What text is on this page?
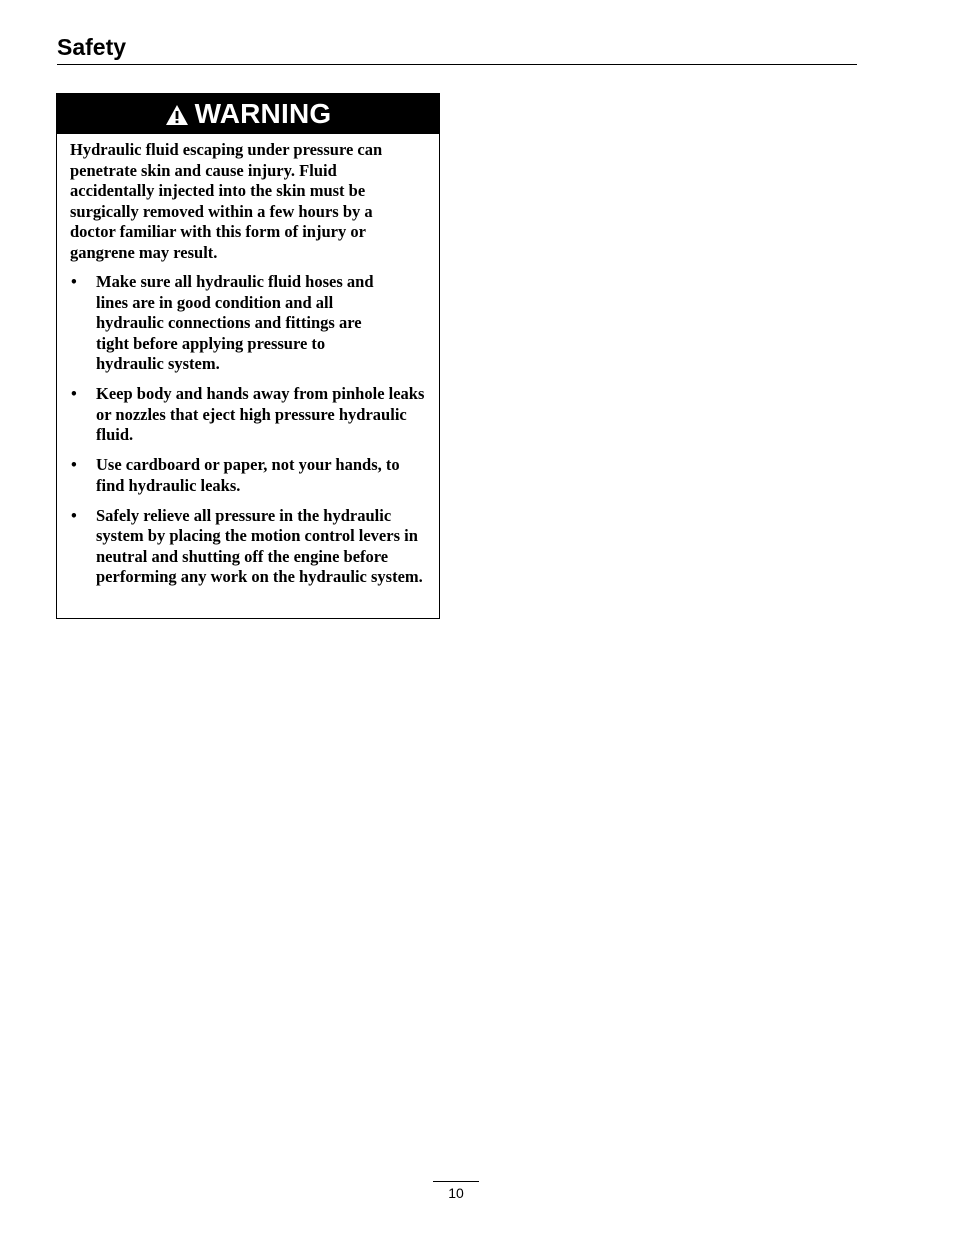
Safety
WARNING

Hydraulic fluid escaping under pressure can penetrate skin and cause injury. Fluid accidentally injected into the skin must be surgically removed within a few hours by a doctor familiar with this form of injury or gangrene may result.

• Make sure all hydraulic fluid hoses and lines are in good condition and all hydraulic connections and fittings are tight before applying pressure to hydraulic system.
• Keep body and hands away from pinhole leaks or nozzles that eject high pressure hydraulic fluid.
• Use cardboard or paper, not your hands, to find hydraulic leaks.
• Safely relieve all pressure in the hydraulic system by placing the motion control levers in neutral and shutting off the engine before performing any work on the hydraulic system.
10
